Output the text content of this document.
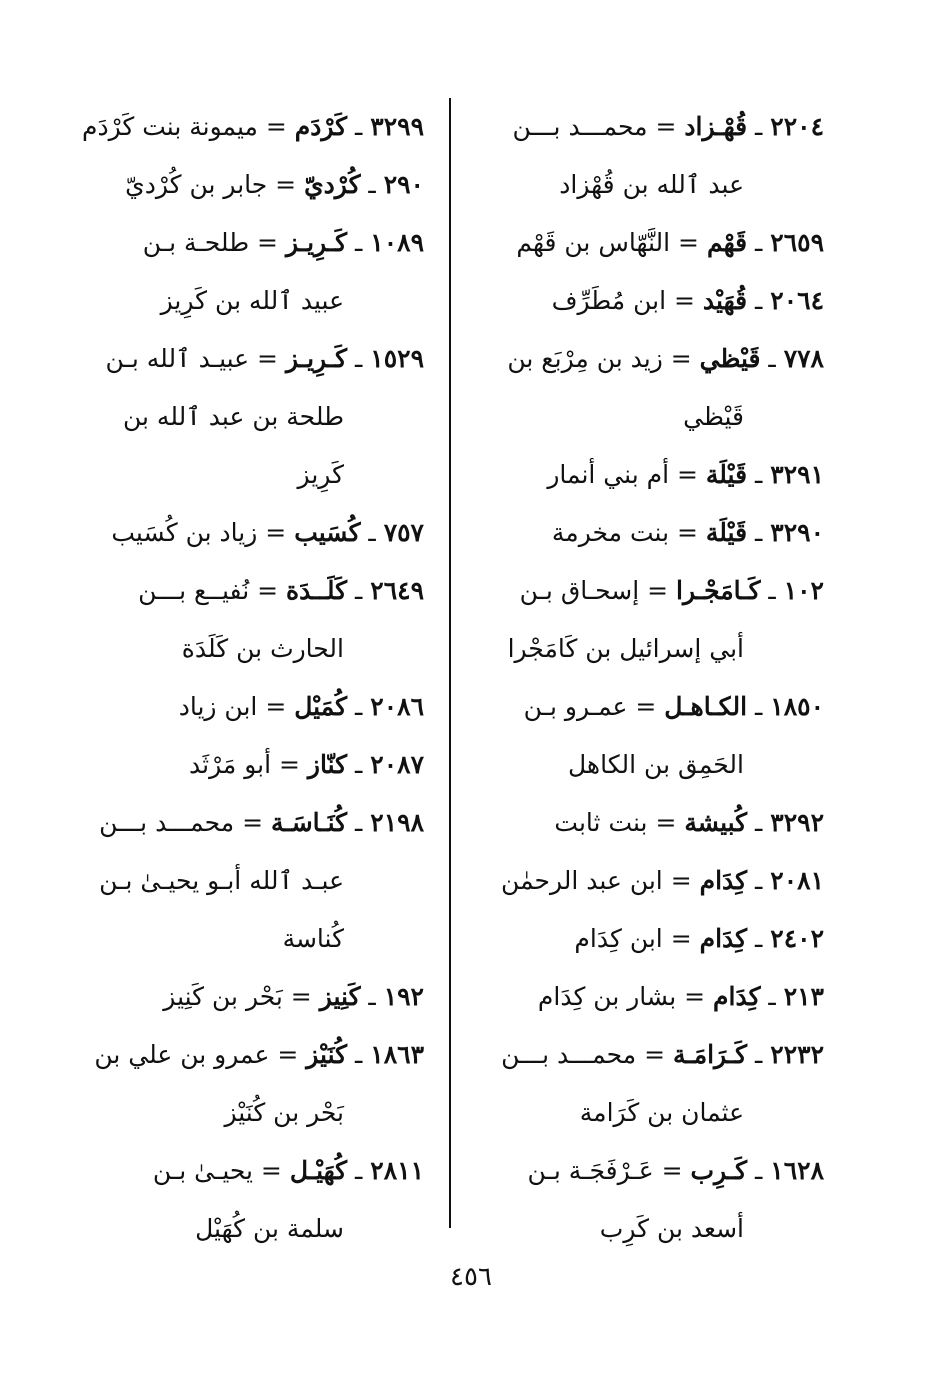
٢٢٠٤ ـ قُهْـزاد = محمـــد بـــن
عبد ٱلله بن قُهْزاد

٢٦٥٩ ـ قَهْم = النَّهّاس بن قَهْم

٢٠٦٤ ـ قُهَيْد = ابن مُطَرِّف

٧٧٨ ـ قَيْظي = زيد بن مِرْبَع بن
قَيْظي

٣٢٩١ ـ قَيْلَة = أم بني أنمار

٣٢٩٠ ـ قَيْلَة = بنت مخرمة

١٠٢ ـ كَـامَجْـرا = إسحـاق بـن
أبي إسرائيل بن كَامَجْرا

١٨٥٠ ـ الكـاهـل = عمـرو بـن
الحَمِق بن الكاهل

٣٢٩٢ ـ كُبيشة = بنت ثابت

٢٠٨١ ـ كِدَام = ابن عبد الرحمٰن

٢٤٠٢ ـ كِدَام = ابن كِدَام

٢١٣ ـ كِدَام = بشار بن كِدَام

٢٢٣٢ ـ كَـرَامَـة = محمـــد بـــن
عثمان بن كَرَامة

١٦٢٨ ـ كَـرِب = عَـرْفَجَـة بـن
أسعد بن كَرِب

٣٢٩٩ ـ كَرْدَم = ميمونة بنت كَرْدَم

٢٩٠ ـ كُرْديّ = جابر بن كُرْديّ

١٠٨٩ ـ كَـرِيـز = طلحـة بـن
عبيد ٱلله بن كَرِيز

١٥٢٩ ـ كَـرِيـز = عبيـد ٱلله بـن
طلحة بن عبد ٱلله بن كَرِيز

٧٥٧ ـ كُسَيب = زياد بن كُسَيب

٢٦٤٩ ـ كَلَــدَة = نُفيــع بـــن
الحارث بن كَلَدَة

٢٠٨٦ ـ كُمَيْل = ابن زياد

٢٠٨٧ ـ كنّاز = أبو مَرْثَد

٢١٩٨ ـ كُنَـاسَـة = محمـــد بـــن
عبـد ٱلله أبـو يحيـىٰ بـن كُناسة

١٩٢ ـ كَنِيز = بَحْر بن كَنِيز

١٨٦٣ ـ كُنَيْز = عمرو بن علي بن
بَحْر بن كُنَيْز

٢٨١١ ـ كُهَيْـل = يحيـىٰ بـن
سلمة بن كُهَيْل

٤٥٦
